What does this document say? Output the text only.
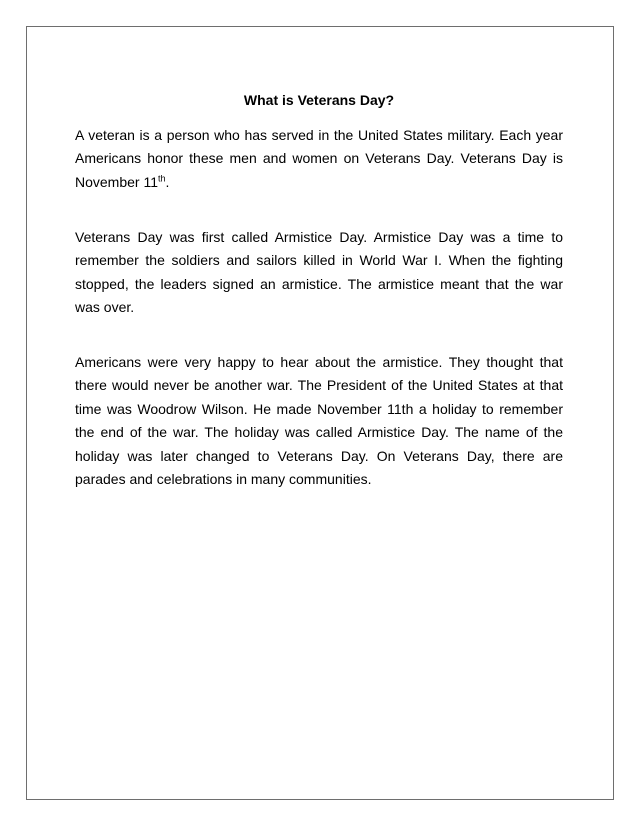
What is Veterans Day?
A veteran is a person who has served in the United States military. Each year Americans honor these men and women on Veterans Day. Veterans Day is November 11th.
Veterans Day was first called Armistice Day. Armistice Day was a time to remember the soldiers and sailors killed in World War I. When the fighting stopped, the leaders signed an armistice. The armistice meant that the war was over.
Americans were very happy to hear about the armistice. They thought that there would never be another war. The President of the United States at that time was Woodrow Wilson. He made November 11th a holiday to remember the end of the war. The holiday was called Armistice Day. The name of the holiday was later changed to Veterans Day. On Veterans Day, there are parades and celebrations in many communities.
